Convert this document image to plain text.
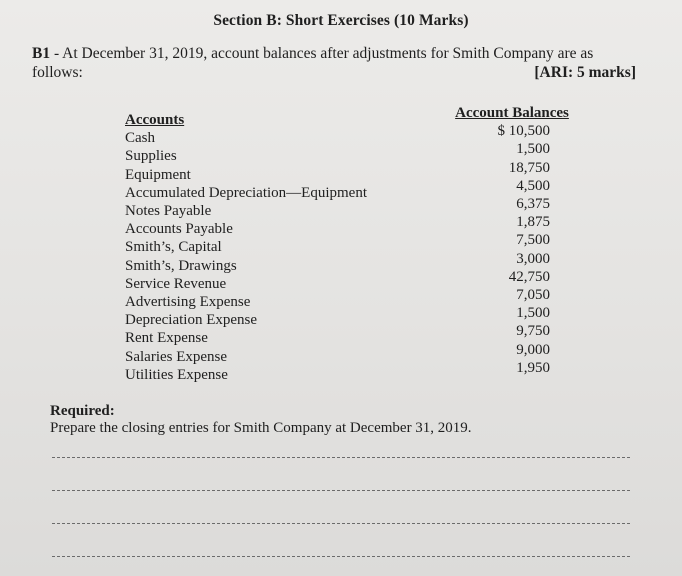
Section B: Short Exercises (10 Marks)
B1 - At December 31, 2019, account balances after adjustments for Smith Company are as
follows:	[ARI: 5 marks]
Accounts
Cash
Supplies
Equipment
Accumulated Depreciation—Equipment
Notes Payable
Accounts Payable
Smith’s, Capital
Smith’s, Drawings
Service Revenue
Advertising Expense
Depreciation Expense
Rent Expense
Salaries Expense
Utilities Expense
Account Balances
$ 10,500
1,500
18,750
4,500
6,375
1,875
7,500
3,000
42,750
7,050
1,500
9,750
9,000
1,950
Required:
Prepare the closing entries for Smith Company at December 31, 2019.
